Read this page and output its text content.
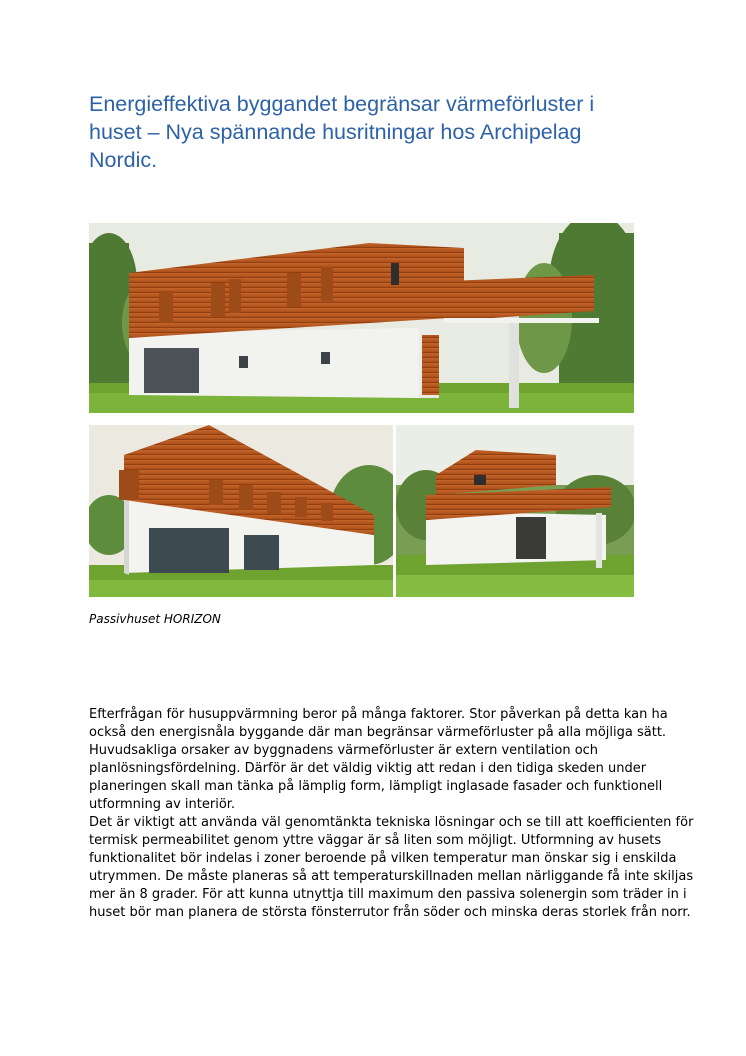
Energieffektiva byggandet begränsar värmeförluster i
huset – Nya spännande husritningar hos Archipelag
Nordic.
Passivhuset HORIZON

Efterfrågan för husuppvärmning beror på många faktorer. Stor påverkan på detta kan ha

också den energisnåla byggande där man begränsar värmeförluster på alla möjliga sätt.

Huvudsakliga orsaker av byggnadens värmeförluster är extern ventilation och

planlösningsfördelning. Därför är det väldig viktig att redan i den tidiga skeden under

planeringen skall man tänka på lämplig form, lämpligt inglasade fasader och funktionell

utformning av interiör.

Det är viktigt att använda väl genomtänkta tekniska lösningar och se till att koefficienten för

termisk permeabilitet genom yttre väggar är så liten som möjligt. Utformning av husets

funktionalitet bör indelas i zoner beroende på vilken temperatur man önskar sig i enskilda

utrymmen. De måste planeras så att temperaturskillnaden mellan närliggande få inte skiljas

mer än 8 grader. För att kunna utnyttja till maximum den passiva solenergin som träder in i

huset bör man planera de största fönsterrutor från söder och minska deras storlek från norr.
